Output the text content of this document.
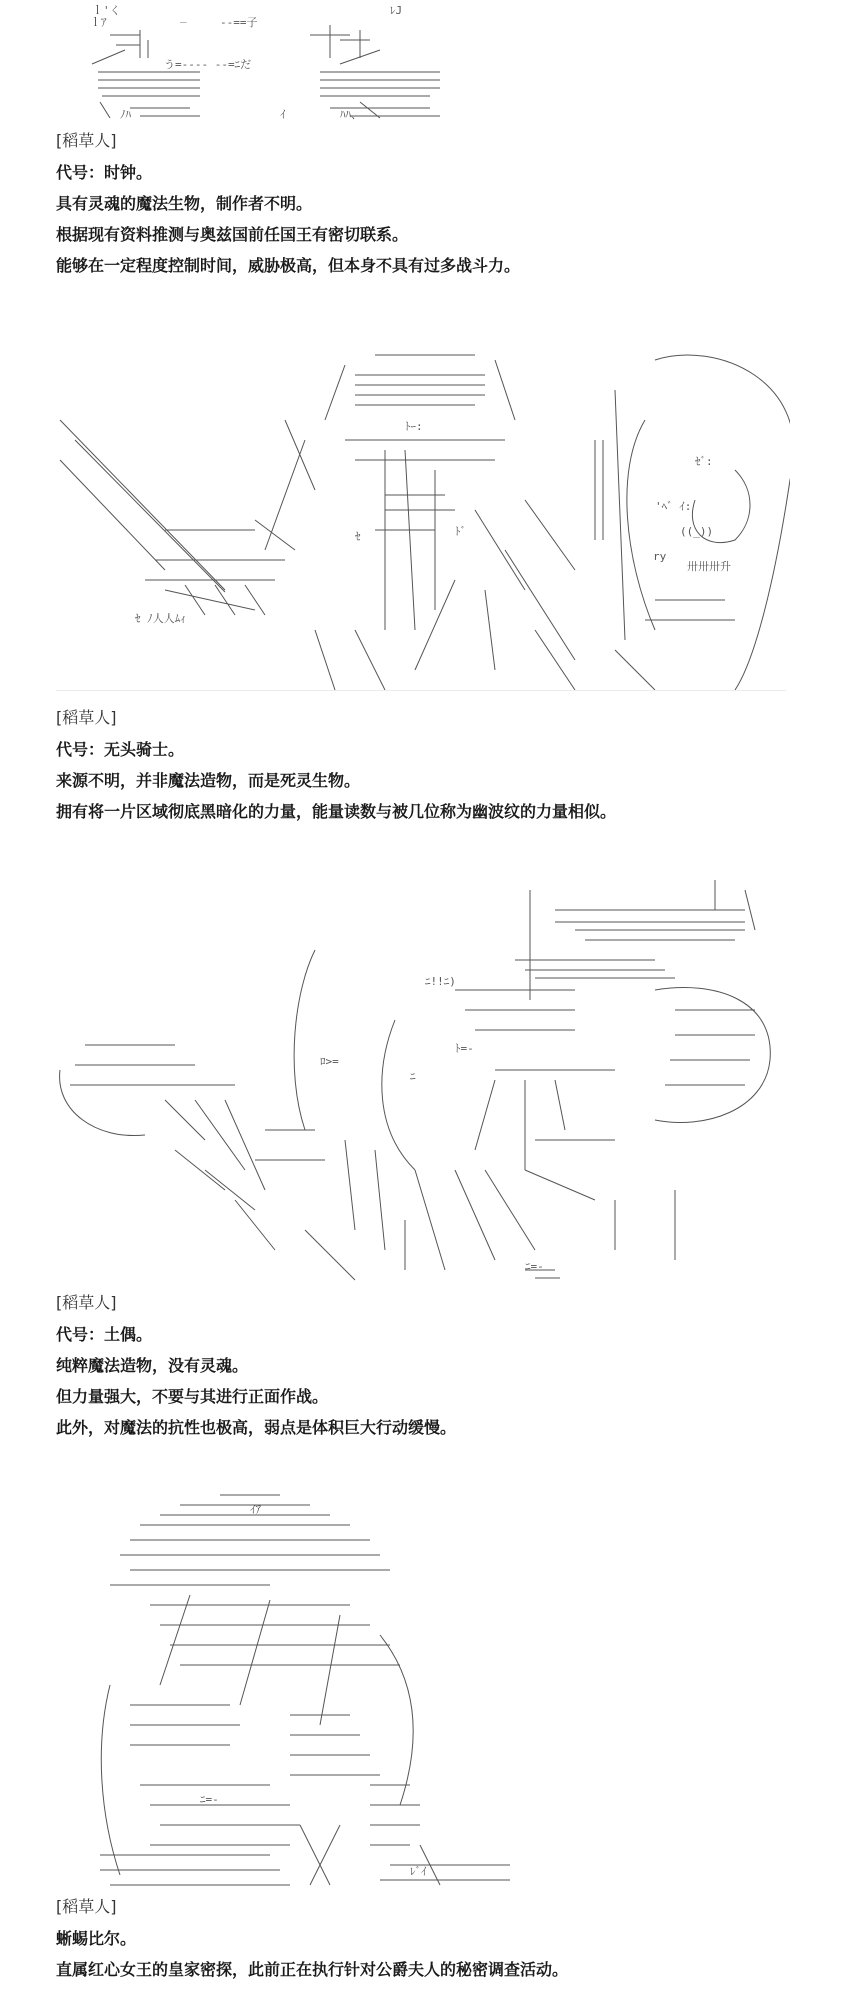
ｌ'く
ｌｱ	_	--==子
ﾚJ
う=---- --=ﾆだ
ﾉﾊ	ｲ	ﾊﾊ、
[稻草人]
代号：时钟。
具有灵魂的魔法生物，制作者不明。
根据现有资料推测与奥兹国前任国王有密切联系。
能够在一定程度控制时间，威胁极高，但本身不具有过多战斗力。
ｾﾞ:
'ﾍﾞ ｲ:
((_))
ry
卅卅卅升
ｾ ﾉ人人ﾑｨ
ﾄｰ:
ﾄﾞ
ｾ
[稻草人]
代号：无头骑士。
来源不明，并非魔法造物，而是死灵生物。
拥有将一片区域彻底黑暗化的力量，能量读数与被几位称为幽波纹的力量相似。
ﾆ!!ﾆ)
ﾛ>=
ﾆ
ﾄ=-
ﾆ=-
[稻草人]
代号：土偶。
纯粹魔法造物，没有灵魂。
但力量强大，不要与其进行正面作战。
此外，对魔法的抗性也极高，弱点是体积巨大行动缓慢。
ｲｱ
ﾆ=-
ﾚﾞｲ
[稻草人]
蜥蜴比尔。
直属红心女王的皇家密探，此前正在执行针对公爵夫人的秘密调查活动。
